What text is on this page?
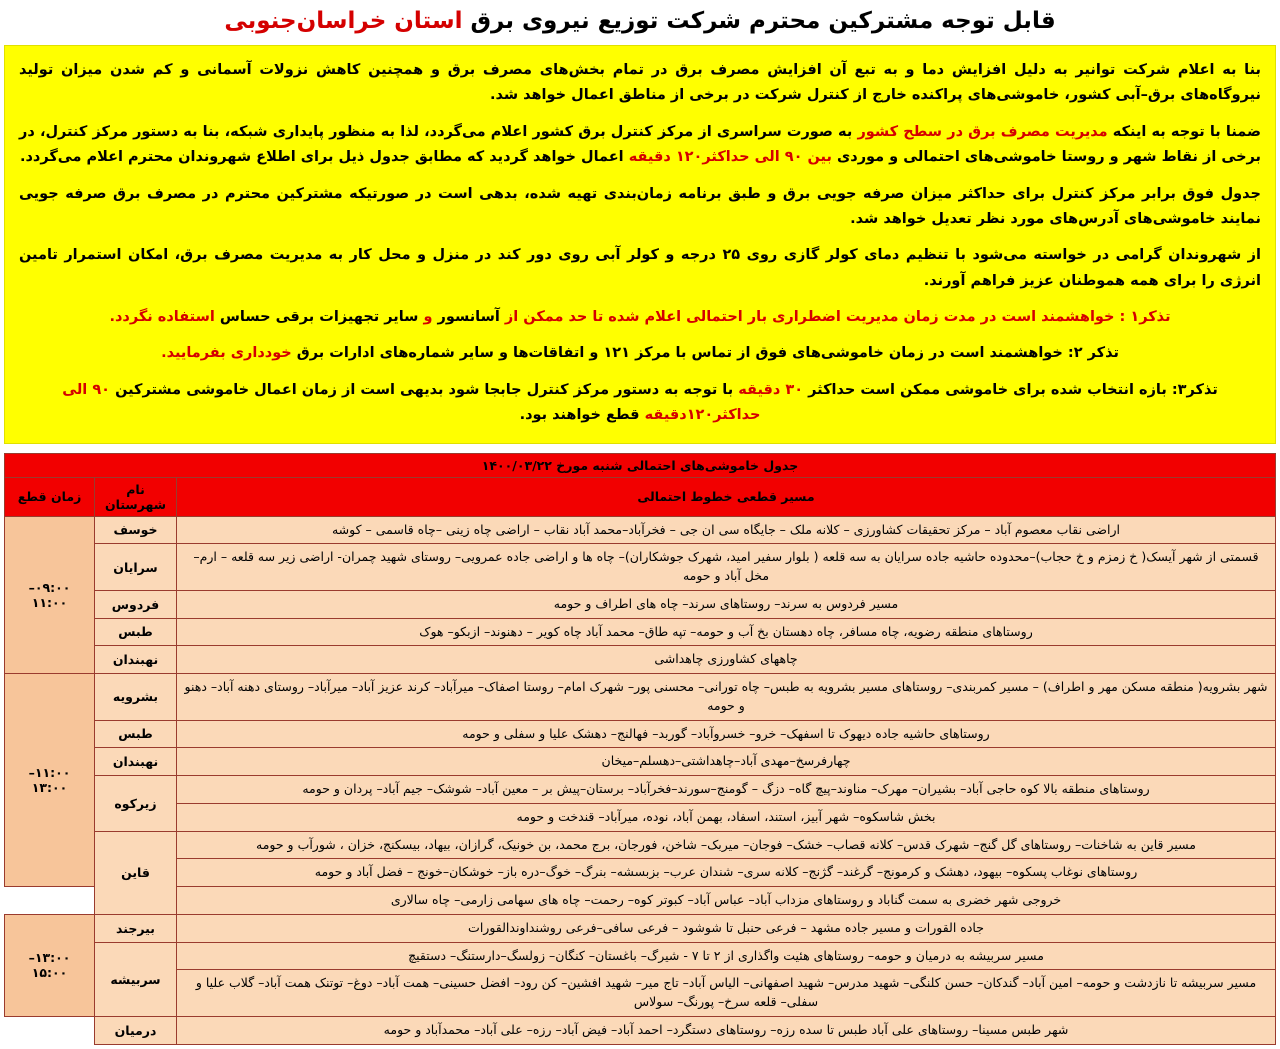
قابل توجه مشترکین محترم شرکت توزیع نیروی برق استان خراسان‌جنوبی

بنا به اعلام شرکت توانیر به دلیل افزایش دما و به تبع آن افزایش مصرف برق در تمام بخش‌های مصرف برق و همچنین کاهش نزولات آسمانی و کم شدن میزان تولید نیروگاه‌های برق–آبی کشور، خاموشی‌های پراکنده خارج از کنترل شرکت در برخی از مناطق اعمال خواهد شد.

ضمنا با توجه به اینکه مدیریت مصرف برق در سطح کشور به صورت سراسری از مرکز کنترل برق کشور اعلام می‌گردد، لذا به منظور پایداری شبکه، بنا به دستور مرکز کنترل، در برخی از نقاط شهر و روستا خاموشی‌های احتمالی و موردی بین ۹۰ الی حداکثر۱۲۰ دقیقه اعمال خواهد گردید که مطابق جدول ذیل برای اطلاع شهروندان محترم اعلام می‌گردد.

جدول فوق برابر مرکز کنترل برای حداکثر میزان صرفه جویی برق و طبق برنامه زمان‌بندی تهیه شده، بدهی است در صورتیکه مشترکین محترم در مصرف برق صرفه جویی نمایند خاموشی‌های آدرس‌های مورد نظر تعدیل خواهد شد.

از شهروندان گرامی در خواسته می‌شود با تنظیم دمای کولر گازی روی ۲۵ درجه و کولر آبی روی دور کند در منزل و محل کار به مدیریت مصرف برق، امکان استمرار تامین انرژی را برای همه هموطنان عزیز فراهم آورند.

تذکر۱ : خواهشمند است در مدت زمان مدیریت اضطراری بار احتمالی اعلام شده تا حد ممکن از آسانسور و سایر تجهیزات برقی حساس استفاده نگردد.

تذکر ۲: خواهشمند است در زمان خاموشی‌های فوق از تماس با مرکز ۱۲۱ و اتفاقات‌ها و سایر شماره‌های ادارات برق خودداری بفرمایید.

تذکر۳: بازه انتخاب شده برای خاموشی ممکن است حداکثر ۳۰ دقیقه با توجه به دستور مرکز کنترل جابجا شود بدیهی است از زمان اعمال خاموشی مشترکین ۹۰ الی حداکثر۱۲۰دقیقه قطع خواهند بود.

جدول خاموشی‌های احتمالی شنبه مورخ ۱۴۰۰/۰۳/۲۲		
مسیر قطعی خطوط احتمالی	نام شهرستان	زمان قطع
اراضی نقاب معصوم آباد – مرکز تحقیقات کشاورزی – کلانه ملک – جایگاه سی ان جی – فخرآباد–محمد آباد نقاب – اراضی چاه زینی –چاه قاسمی – کوشه	خوسف	۰۹:۰۰–۱۱:۰۰
قسمتی از شهر آیسک( خ زمزم و خ حجاب)–محدوده حاشیه جاده سرایان به سه قلعه ( بلوار سفیر امید، شهرک جوشکاران)– چاه ها و اراضی جاده عمرویی– روستای شهید چمران- اراضی زیر سه قلعه – ارم– مخل آباد و حومه	سرایان	
مسیر فردوس به سرند– روستاهای سرند– چاه های اطراف و حومه	فردوس	
روستاهای منطقه رضویه، چاه مسافر، چاه دهستان بخ آب و حومه– تپه طاق– محمد آباد چاه کویر – دهنوند– ازبکو– هوک	طبس	
چاههای کشاورزی چاهداشی	نهبندان	
شهر بشرویه( منطقه مسکن مهر و اطراف) – مسیر کمربندی– روستاهای مسیر بشرویه به طبس– چاه تورانی– محسنی پور– شهرک امام– روستا اصفاک– میرآباد– کرند عزیز آباد– میرآباد– روستای دهنه آباد– دهنو و حومه	بشرویه	۱۱:۰۰–۱۳:۰۰
روستاهای حاشیه جاده دیهوک تا اسفهک– خرو– خسروآباد– گوربد– فهالنج– دهشک علیا و سفلی و حومه	طبس	
چهارفرسخ–مهدی آباد–چاهداشتی–دهسلم–میخان	نهبندان	
روستاهای منطقه بالا کوه حاجی آباد– بشیران– مهرک– مناوند–پیچ گاه– دزگ – گومنج–سورند–فخرآباد– برستان–پیش بر – معین آباد– شوشک– جیم آباد– پردان و حومه	زیرکوه	
بخش شاسکوه– شهر آبیز، استند، اسفاد، بهمن آباد، نوده، میرآباد– قندخت و حومه		
مسیر قاین به شاخنات– روستاهای گل گنج– شهرک قدس– کلانه قصاب– خشک– فوجان– میربک– شاخن، فورجان، برج محمد، بن خونیک، گرازان، بیهاد، بیسکنج، خزان ، شورآب و حومه	قاین	
روستاهای نوغاب پسکوه– بیهود، دهشک و کرمونج– گرغند– گژنج– کلانه سری– شندان عرب– بزبسشه– بنرگ– خوگ–دره باز– خوشکان–خونج – فضل آباد و حومه		
خروجی شهر خضری به سمت گناباد و روستاهای مزداب آباد– عباس آباد– کبوتر کوه– رحمت– چاه های سهامی زارمی– چاه سالاری		
جاده القورات و مسیر جاده مشهد – فرعی حنبل تا شوشود – فرعی سافی–فرعی روشنداوندالقورات	بیرجند	۱۳:۰۰–۱۵:۰۰
مسیر سربیشه به درمیان و حومه– روستاهای هئیت واگذاری از ۲ تا ۷ - شیرگ– باغستان– کنگان– زولسگ–دارستنگ– دستقیچ	سربیشه	
مسیر سربیشه تا نازدشت و حومه– امین آباد– گندکان– حسن کلنگی– شهید مدرس– شهید اصفهانی– الیاس آباد– تاج میر– شهید افشین– کن رود– افضل حسینی– همت آباد– دوغ– توتنک همت آباد– گلاب علیا و سفلی– قلعه سرخ– پورنگ– سولاس		
شهر طبس مسینا– روستاهای علی آباد طبس تا سده رزه– روستاهای دستگرد– احمد آباد– فیض آباد– رزه– علی آباد– محمدآباد و حومه	درمیان	
